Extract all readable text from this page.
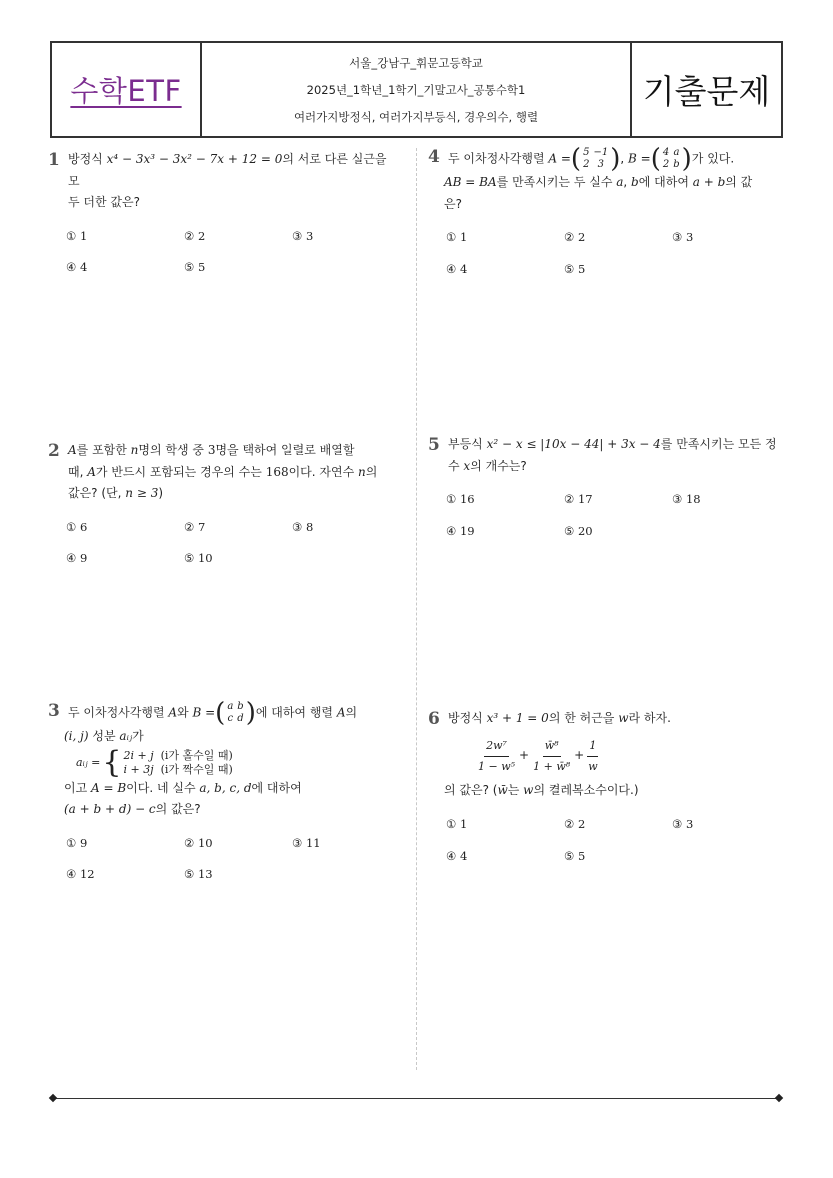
수학ETF
서울_강남구_휘문고등학교
2025년_1학년_1학기_기말고사_공통수학1
여러가지방정식, 여러가지부등식, 경우의수, 행렬
기출문제
1 방정식 x⁴ − 3x³ − 3x² − 7x + 12 = 0의 서로 다른 실근을 모
두 더한 값은?
① 1	② 2	③ 3
④ 4	⑤ 5
2 A를 포함한 n명의 학생 중 3명을 택하여 일렬로 배열할
때, A가 반드시 포함되는 경우의 수는 168이다. 자연수 n의
값은? (단, n ≥ 3)
① 6	② 7	③ 8
④ 9	⑤ 10
3 두 이차정사각행렬 A와 B = ( a	b
c	d ) 에 대하여 행렬 A의
(i, j) 성분 aᵢⱼ가
aᵢⱼ = { 2i + j (i가 홀수일 때)
i + 3j (i가 짝수일 때)
이고 A = B이다. 네 실수 a, b, c, d에 대하여
(a + b + d) − c의 값은?
① 9	② 10	③ 11
④ 12	⑤ 13
4 두 이차정사각행렬 A = ( 5	−1
2	3 ) , B = ( 4	a
2	b ) 가 있다.
AB = BA를 만족시키는 두 실수 a, b에 대하여 a + b의 값
은?
① 1	② 2	③ 3
④ 4	⑤ 5
5 부등식 x² − x ≤ |10x − 44| + 3x − 4를 만족시키는 모든 정
수 x의 개수는?
① 16	② 17	③ 18
④ 19	⑤ 20
6 방정식 x³ + 1 = 0의 한 허근을 w라 하자.
$\frac{\text{2w⁷}}{\text{1 − w⁵}} + \frac{\text{w̄⁸}}{\text{1 + w̄⁸}} + \frac{1}{w}$
의 값은? (w̄는 w의 켤레복소수이다.)
① 1	② 2	③ 3
④ 4	⑤ 5
